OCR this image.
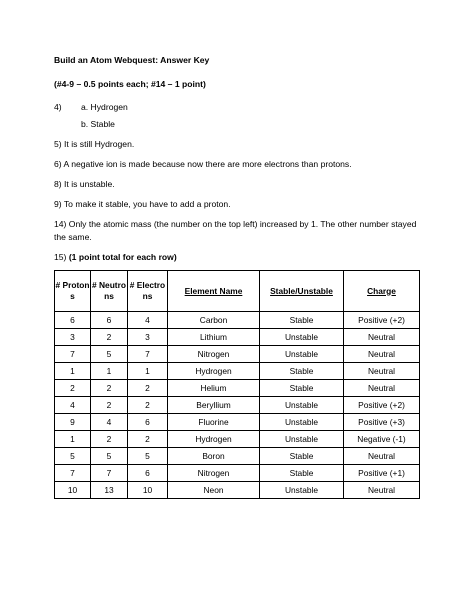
Build an Atom Webquest: Answer Key
(#4-9 – 0.5 points each; #14 – 1 point)
4) a. Hydrogen
b. Stable
5) It is still Hydrogen.
6) A negative ion is made because now there are more electrons than protons.
8) It is unstable.
9) To make it stable, you have to add a proton.
14) Only the atomic mass (the number on the top left) increased by 1. The other number stayed the same.
15) (1 point total for each row)
# Protons	# Neutrons	# Electrons	Element Name	Stable/Unstable	Charge
6	6	4	Carbon	Stable	Positive (+2)
3	2	3	Lithium	Unstable	Neutral
7	5	7	Nitrogen	Unstable	Neutral
1	1	1	Hydrogen	Stable	Neutral
2	2	2	Helium	Stable	Neutral
4	2	2	Beryllium	Unstable	Positive (+2)
9	4	6	Fluorine	Unstable	Positive (+3)
1	2	2	Hydrogen	Unstable	Negative (-1)
5	5	5	Boron	Stable	Neutral
7	7	6	Nitrogen	Stable	Positive (+1)
10	13	10	Neon	Unstable	Neutral
